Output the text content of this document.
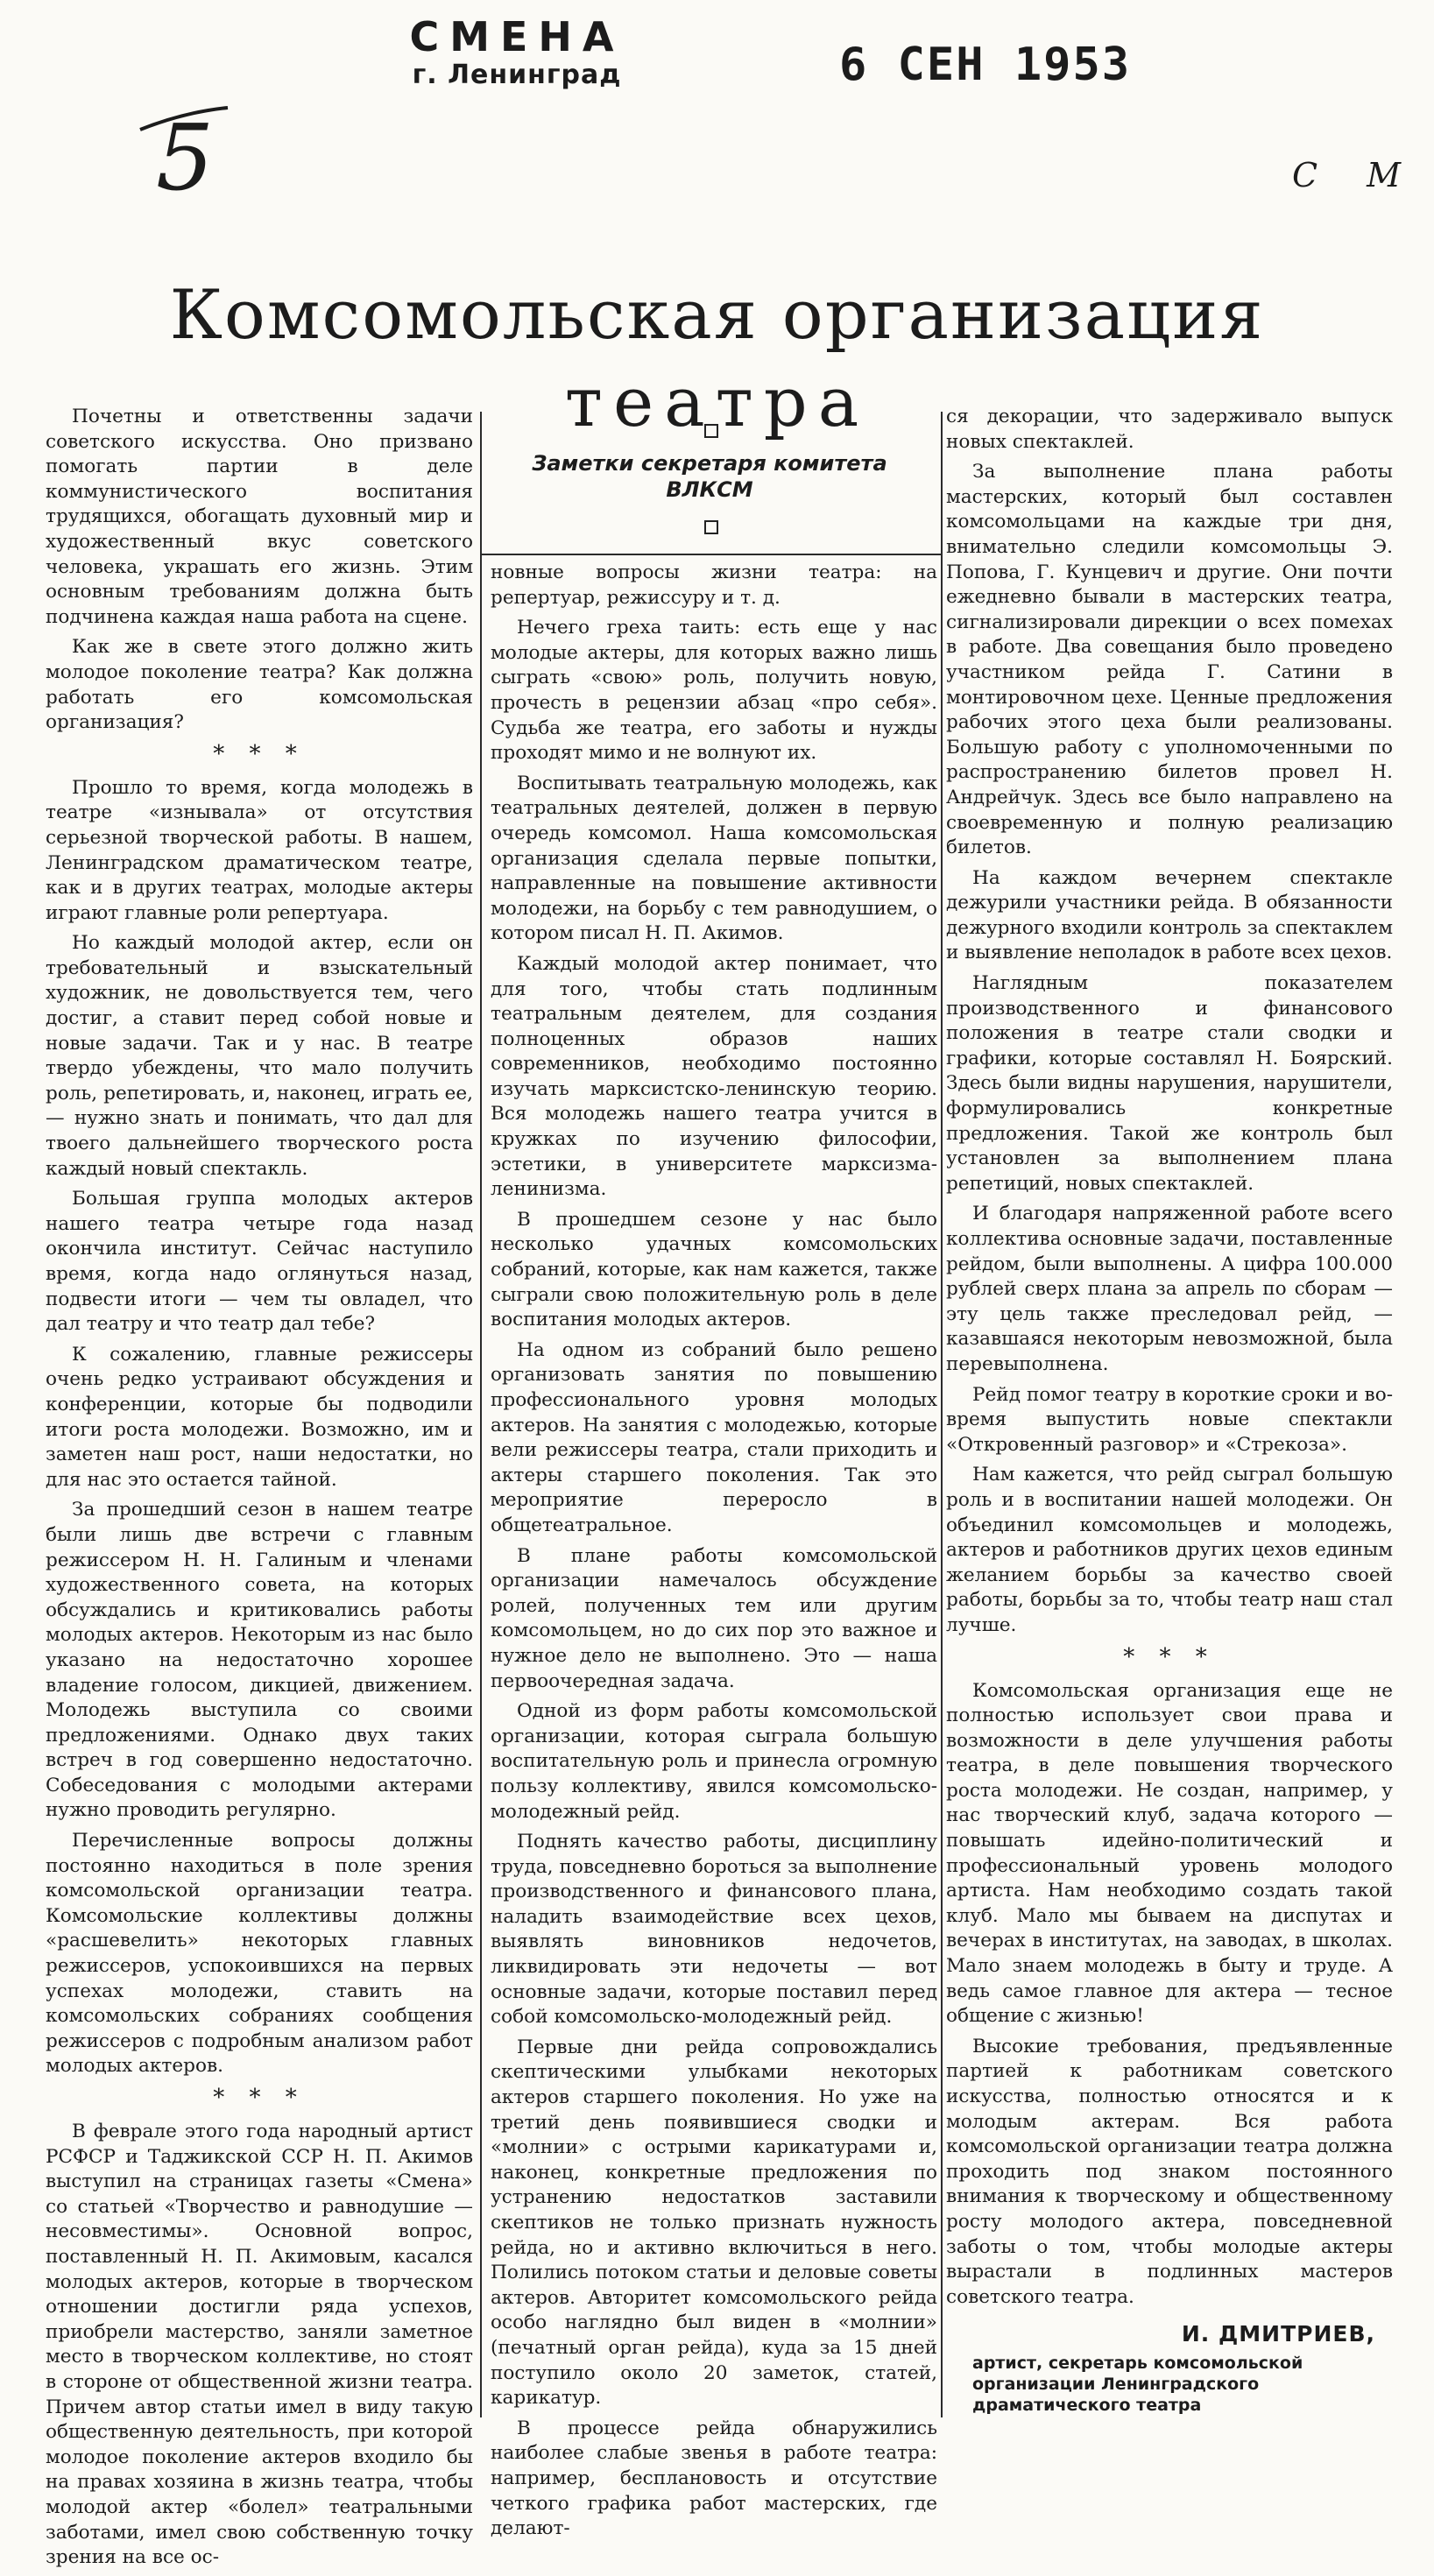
СМЕНА
г. Ленинград	6 СЕН 1953
5	С М
Комсомольская организация
театра
Заметки секретаря комитета ВЛКСМ

Почетны и ответственны задачи советского искусства. Оно призвано помогать партии в деле коммунистического воспитания трудящихся, обогащать духовный мир и художественный вкус советского человека, украшать его жизнь. Этим основным требованиям должна быть подчинена каждая наша работа на сцене.

Как же в свете этого должно жить молодое поколение театра? Как должна работать его комсомольская организация?

* * *

Прошло то время, когда молодежь в театре «изнывала» от отсутствия серьезной творческой работы. В нашем, Ленинградском драматическом театре, как и в других театрах, молодые актеры играют главные роли репертуара.

Но каждый молодой актер, если он требовательный и взыскательный художник, не довольствуется тем, чего достиг, а ставит перед собой новые и новые задачи. Так и у нас. В театре твердо убеждены, что мало получить роль, репетировать, и, наконец, играть ее, — нужно знать и понимать, что дал для твоего дальнейшего творческого роста каждый новый спектакль.

Большая группа молодых актеров нашего театра четыре года назад окончила институт. Сейчас наступило время, когда надо оглянуться назад, подвести итоги — чем ты овладел, что дал театру и что театр дал тебе?

К сожалению, главные режиссеры очень редко устраивают обсуждения и конференции, которые бы подводили итоги роста молодежи. Возможно, им и заметен наш рост, наши недостатки, но для нас это остается тайной.

За прошедший сезон в нашем театре были лишь две встречи с главным режиссером Н. Н. Галиным и членами художественного совета, на которых обсуждались и критиковались работы молодых актеров. Некоторым из нас было указано на недостаточно хорошее владение голосом, дикцией, движением. Молодежь выступила со своими предложениями. Однако двух таких встреч в год совершенно недостаточно. Собеседования с молодыми актерами нужно проводить регулярно.

Перечисленные вопросы должны постоянно находиться в поле зрения комсомольской организации театра. Комсомольские коллективы должны «расшевелить» некоторых главных режиссеров, успокоившихся на первых успехах молодежи, ставить на комсомольских собраниях сообщения режиссеров с подробным анализом работ молодых актеров.

* * *

В феврале этого года народный артист РСФСР и Таджикской ССР Н. П. Акимов выступил на страницах газеты «Смена» со статьей «Творчество и равнодушие — несовместимы». Основной вопрос, поставленный Н. П. Акимовым, касался молодых актеров, которые в творческом отношении достигли ряда успехов, приобрели мастерство, заняли заметное место в творческом коллективе, но стоят в стороне от общественной жизни театра. Причем автор статьи имел в виду такую общественную деятельность, при которой молодое поколение актеров входило бы на правах хозяина в жизнь театра, чтобы молодой актер «болел» театральными заботами, имел свою собственную точку зрения на все ос-

новные вопросы жизни театра: на репертуар, режиссуру и т. д.

Нечего греха таить: есть еще у нас молодые актеры, для которых важно лишь сыграть «свою» роль, получить новую, прочесть в рецензии абзац «про себя». Судьба же театра, его заботы и нужды проходят мимо и не волнуют их.

Воспитывать театральную молодежь, как театральных деятелей, должен в первую очередь комсомол. Наша комсомольская организация сделала первые попытки, направленные на повышение активности молодежи, на борьбу с тем равнодушием, о котором писал Н. П. Акимов.

Каждый молодой актер понимает, что для того, чтобы стать подлинным театральным деятелем, для создания полноценных образов наших современников, необходимо постоянно изучать марксистско-ленинскую теорию. Вся молодежь нашего театра учится в кружках по изучению философии, эстетики, в университете марксизма-ленинизма.

В прошедшем сезоне у нас было несколько удачных комсомольских собраний, которые, как нам кажется, также сыграли свою положительную роль в деле воспитания молодых актеров.

На одном из собраний было решено организовать занятия по повышению профессионального уровня молодых актеров. На занятия с молодежью, которые вели режиссеры театра, стали приходить и актеры старшего поколения. Так это мероприятие переросло в общетеатральное.

В плане работы комсомольской организации намечалось обсуждение ролей, полученных тем или другим комсомольцем, но до сих пор это важное и нужное дело не выполнено. Это — наша первоочередная задача.

Одной из форм работы комсомольской организации, которая сыграла большую воспитательную роль и принесла огромную пользу коллективу, явился комсомольско-молодежный рейд.

Поднять качество работы, дисциплину труда, повседневно бороться за выполнение производственного и финансового плана, наладить взаимодействие всех цехов, выявлять виновников недочетов, ликвидировать эти недочеты — вот основные задачи, которые поставил перед собой комсомольско-молодежный рейд.

Первые дни рейда сопровождались скептическими улыбками некоторых актеров старшего поколения. Но уже на третий день появившиеся сводки и «молнии» с острыми карикатурами и, наконец, конкретные предложения по устранению недостатков заставили скептиков не только признать нужность рейда, но и активно включиться в него. Полились потоком статьи и деловые советы актеров. Авторитет комсомольского рейда особо наглядно был виден в «молнии» (печатный орган рейда), куда за 15 дней поступило около 20 заметок, статей, карикатур.

В процессе рейда обнаружились наиболее слабые звенья в работе театра: например, бесплановость и отсутствие четкого графика работ мастерских, где делают-

ся декорации, что задерживало выпуск новых спектаклей.

За выполнение плана работы мастерских, который был составлен комсомольцами на каждые три дня, внимательно следили комсомольцы Э. Попова, Г. Кунцевич и другие. Они почти ежедневно бывали в мастерских театра, сигнализировали дирекции о всех помехах в работе. Два совещания было проведено участником рейда Г. Сатини в монтировочном цехе. Ценные предложения рабочих этого цеха были реализованы. Большую работу с уполномоченными по распространению билетов провел Н. Андрейчук. Здесь все было направлено на своевременную и полную реализацию билетов.

На каждом вечернем спектакле дежурили участники рейда. В обязанности дежурного входили контроль за спектаклем и выявление неполадок в работе всех цехов.

Наглядным показателем производственного и финансового положения в театре стали сводки и графики, которые составлял Н. Боярский. Здесь были видны нарушения, нарушители, формулировались конкретные предложения. Такой же контроль был установлен за выполнением плана репетиций, новых спектаклей.

И благодаря напряженной работе всего коллектива основные задачи, поставленные рейдом, были выполнены. А цифра 100.000 рублей сверх плана за апрель по сборам — эту цель также преследовал рейд, — казавшаяся некоторым невозможной, была перевыполнена.

Рейд помог театру в короткие сроки и во-время выпустить новые спектакли «Откровенный разговор» и «Стрекоза».

Нам кажется, что рейд сыграл большую роль и в воспитании нашей молодежи. Он объединил комсомольцев и молодежь, актеров и работников других цехов единым желанием борьбы за качество своей работы, борьбы за то, чтобы театр наш стал лучше.

* * *

Комсомольская организация еще не полностью использует свои права и возможности в деле улучшения работы театра, в деле повышения творческого роста молодежи. Не создан, например, у нас творческий клуб, задача которого — повышать идейно-политический и профессиональный уровень молодого артиста. Нам необходимо создать такой клуб. Мало мы бываем на диспутах и вечерах в институтах, на заводах, в школах. Мало знаем молодежь в быту и труде. А ведь самое главное для актера — тесное общение с жизнью!

Высокие требования, предъявленные партией к работникам советского искусства, полностью относятся и к молодым актерам. Вся работа комсомольской организации театра должна проходить под знаком постоянного внимания к творческому и общественному росту молодого актера, повседневной заботы о том, чтобы молодые актеры вырастали в подлинных мастеров советского театра.

И. ДМИТРИЕВ,
артист, секретарь комсомольской организации Ленинградского драматического театра
